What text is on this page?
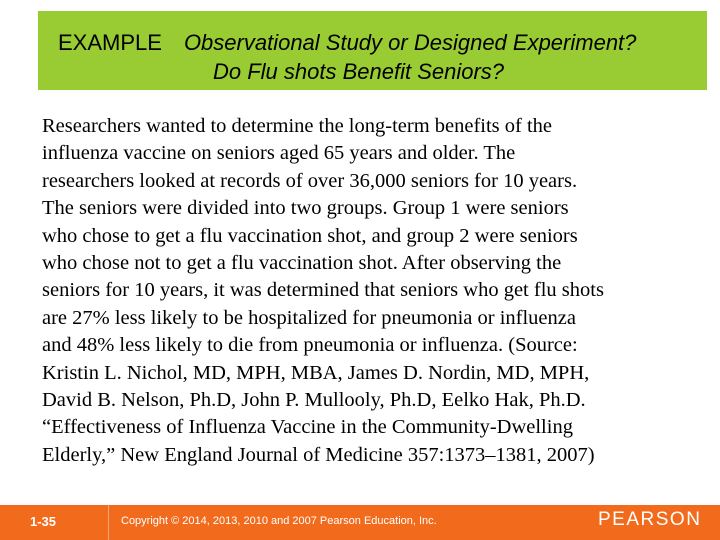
EXAMPLE Observational Study or Designed Experiment?
Do Flu shots Benefit Seniors?
Researchers wanted to determine the long-term benefits of the
influenza vaccine on seniors aged 65 years and older. The
researchers looked at records of over 36,000 seniors for 10 years.
The seniors were divided into two groups. Group 1 were seniors
who chose to get a flu vaccination shot, and group 2 were seniors
who chose not to get a flu vaccination shot. After observing the
seniors for 10 years, it was determined that seniors who get flu shots
are 27% less likely to be hospitalized for pneumonia or influenza
and 48% less likely to die from pneumonia or influenza. (Source:
Kristin L. Nichol, MD, MPH, MBA, James D. Nordin, MD, MPH,
David B. Nelson, Ph.D, John P. Mullooly, Ph.D, Eelko Hak, Ph.D.
“Effectiveness of Influenza Vaccine in the Community-Dwelling
Elderly,” New England Journal of Medicine 357:1373–1381, 2007)
1-35	Copyright © 2014, 2013, 2010 and 2007 Pearson Education, Inc.	PEARSON
